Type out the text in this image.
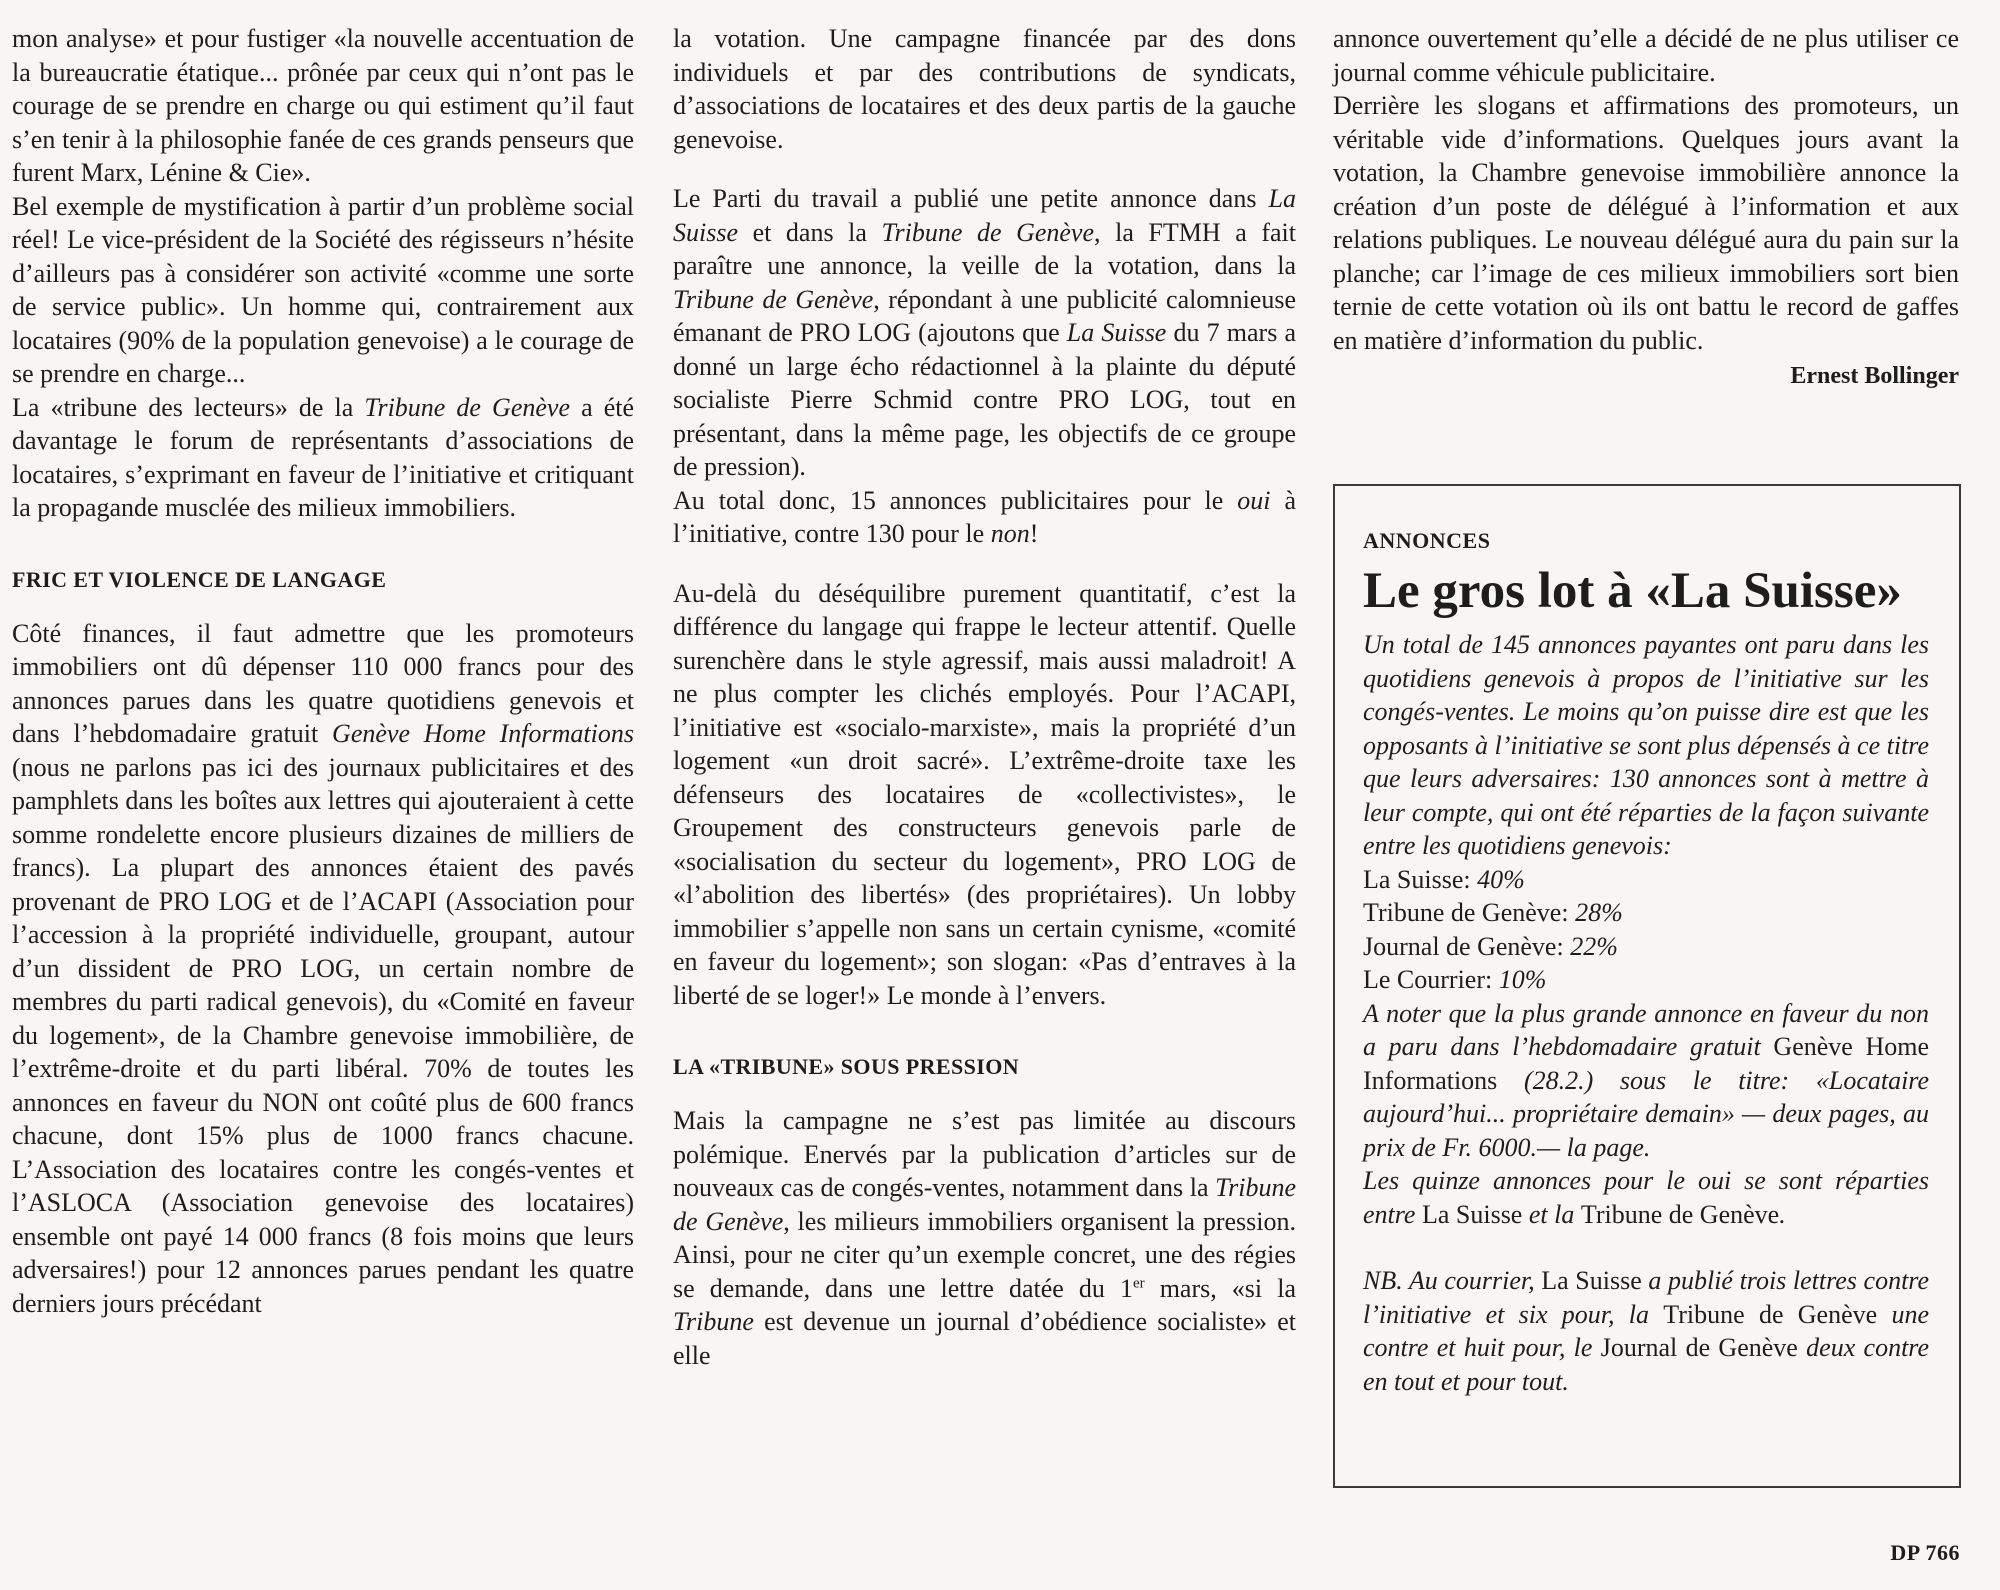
mon analyse» et pour fustiger «la nouvelle accentuation de la bureaucratie étatique... prônée par ceux qui n’ont pas le courage de se prendre en charge ou qui estiment qu’il faut s’en tenir à la philosophie fanée de ces grands penseurs que furent Marx, Lénine & Cie».

Bel exemple de mystification à partir d’un problème social réel! Le vice-président de la Société des régisseurs n’hésite d’ailleurs pas à considérer son activité «comme une sorte de service public». Un homme qui, contrairement aux locataires (90% de la population genevoise) a le courage de se prendre en charge...

La «tribune des lecteurs» de la Tribune de Genève a été davantage le forum de représentants d’associations de locataires, s’exprimant en faveur de l’initiative et critiquant la propagande musclée des milieux immobiliers.

FRIC ET VIOLENCE DE LANGAGE

Côté finances, il faut admettre que les promoteurs immobiliers ont dû dépenser 110 000 francs pour des annonces parues dans les quatre quotidiens genevois et dans l’hebdomadaire gratuit Genève Home Informations (nous ne parlons pas ici des journaux publicitaires et des pamphlets dans les boîtes aux lettres qui ajouteraient à cette somme rondelette encore plusieurs dizaines de milliers de francs). La plupart des annonces étaient des pavés provenant de PRO LOG et de l’ACAPI (Association pour l’accession à la propriété individuelle, groupant, autour d’un dissident de PRO LOG, un certain nombre de membres du parti radical genevois), du «Comité en faveur du logement», de la Chambre genevoise immobilière, de l’extrême-droite et du parti libéral. 70% de toutes les annonces en faveur du NON ont coûté plus de 600 francs chacune, dont 15% plus de 1000 francs chacune. L’Association des locataires contre les congés-ventes et l’ASLOCA (Association genevoise des locataires) ensemble ont payé 14 000 francs (8 fois moins que leurs adversaires!) pour 12 annonces parues pendant les quatre derniers jours précédant

la votation. Une campagne financée par des dons individuels et par des contributions de syndicats, d’associations de locataires et des deux partis de la gauche genevoise.

Le Parti du travail a publié une petite annonce dans La Suisse et dans la Tribune de Genève, la FTMH a fait paraître une annonce, la veille de la votation, dans la Tribune de Genève, répondant à une publicité calomnieuse émanant de PRO LOG (ajoutons que La Suisse du 7 mars a donné un large écho rédactionnel à la plainte du député socialiste Pierre Schmid contre PRO LOG, tout en présentant, dans la même page, les objectifs de ce groupe de pression).

Au total donc, 15 annonces publicitaires pour le oui à l’initiative, contre 130 pour le non!

Au-delà du déséquilibre purement quantitatif, c’est la différence du langage qui frappe le lecteur attentif. Quelle surenchère dans le style agressif, mais aussi maladroit! A ne plus compter les clichés employés. Pour l’ACAPI, l’initiative est «socialo-marxiste», mais la propriété d’un logement «un droit sacré». L’extrême-droite taxe les défenseurs des locataires de «collectivistes», le Groupement des constructeurs genevois parle de «socialisation du secteur du logement», PRO LOG de «l’abolition des libertés» (des propriétaires). Un lobby immobilier s’appelle non sans un certain cynisme, «comité en faveur du logement»; son slogan: «Pas d’entraves à la liberté de se loger!» Le monde à l’envers.

LA «TRIBUNE» SOUS PRESSION

Mais la campagne ne s’est pas limitée au discours polémique. Enervés par la publication d’articles sur de nouveaux cas de congés-ventes, notamment dans la Tribune de Genève, les milieurs immobiliers organisent la pression. Ainsi, pour ne citer qu’un exemple concret, une des régies se demande, dans une lettre datée du 1er mars, «si la Tribune est devenue un journal d’obédience socialiste» et elle

annonce ouvertement qu’elle a décidé de ne plus utiliser ce journal comme véhicule publicitaire.

Derrière les slogans et affirmations des promoteurs, un véritable vide d’informations. Quelques jours avant la votation, la Chambre genevoise immobilière annonce la création d’un poste de délégué à l’information et aux relations publiques. Le nouveau délégué aura du pain sur la planche; car l’image de ces milieux immobiliers sort bien ternie de cette votation où ils ont battu le record de gaffes en matière d’information du public.

Ernest Bollinger
ANNONCES
Le gros lot à «La Suisse»

Un total de 145 annonces payantes ont paru dans les quotidiens genevois à propos de l’initiative sur les congés-ventes. Le moins qu’on puisse dire est que les opposants à l’initiative se sont plus dépensés à ce titre que leurs adversaires: 130 annonces sont à mettre à leur compte, qui ont été réparties de la façon suivante entre les quotidiens genevois:

La Suisse: 40%
Tribune de Genève: 28%
Journal de Genève: 22%
Le Courrier: 10%

A noter que la plus grande annonce en faveur du non a paru dans l’hebdomadaire gratuit Genève Home Informations (28.2.) sous le titre: «Locataire aujourd’hui... propriétaire demain» — deux pages, au prix de Fr. 6000.— la page.

Les quinze annonces pour le oui se sont réparties entre La Suisse et la Tribune de Genève.

NB. Au courrier, La Suisse a publié trois lettres contre l’initiative et six pour, la Tribune de Genève une contre et huit pour, le Journal de Genève deux contre en tout et pour tout.

DP 766
